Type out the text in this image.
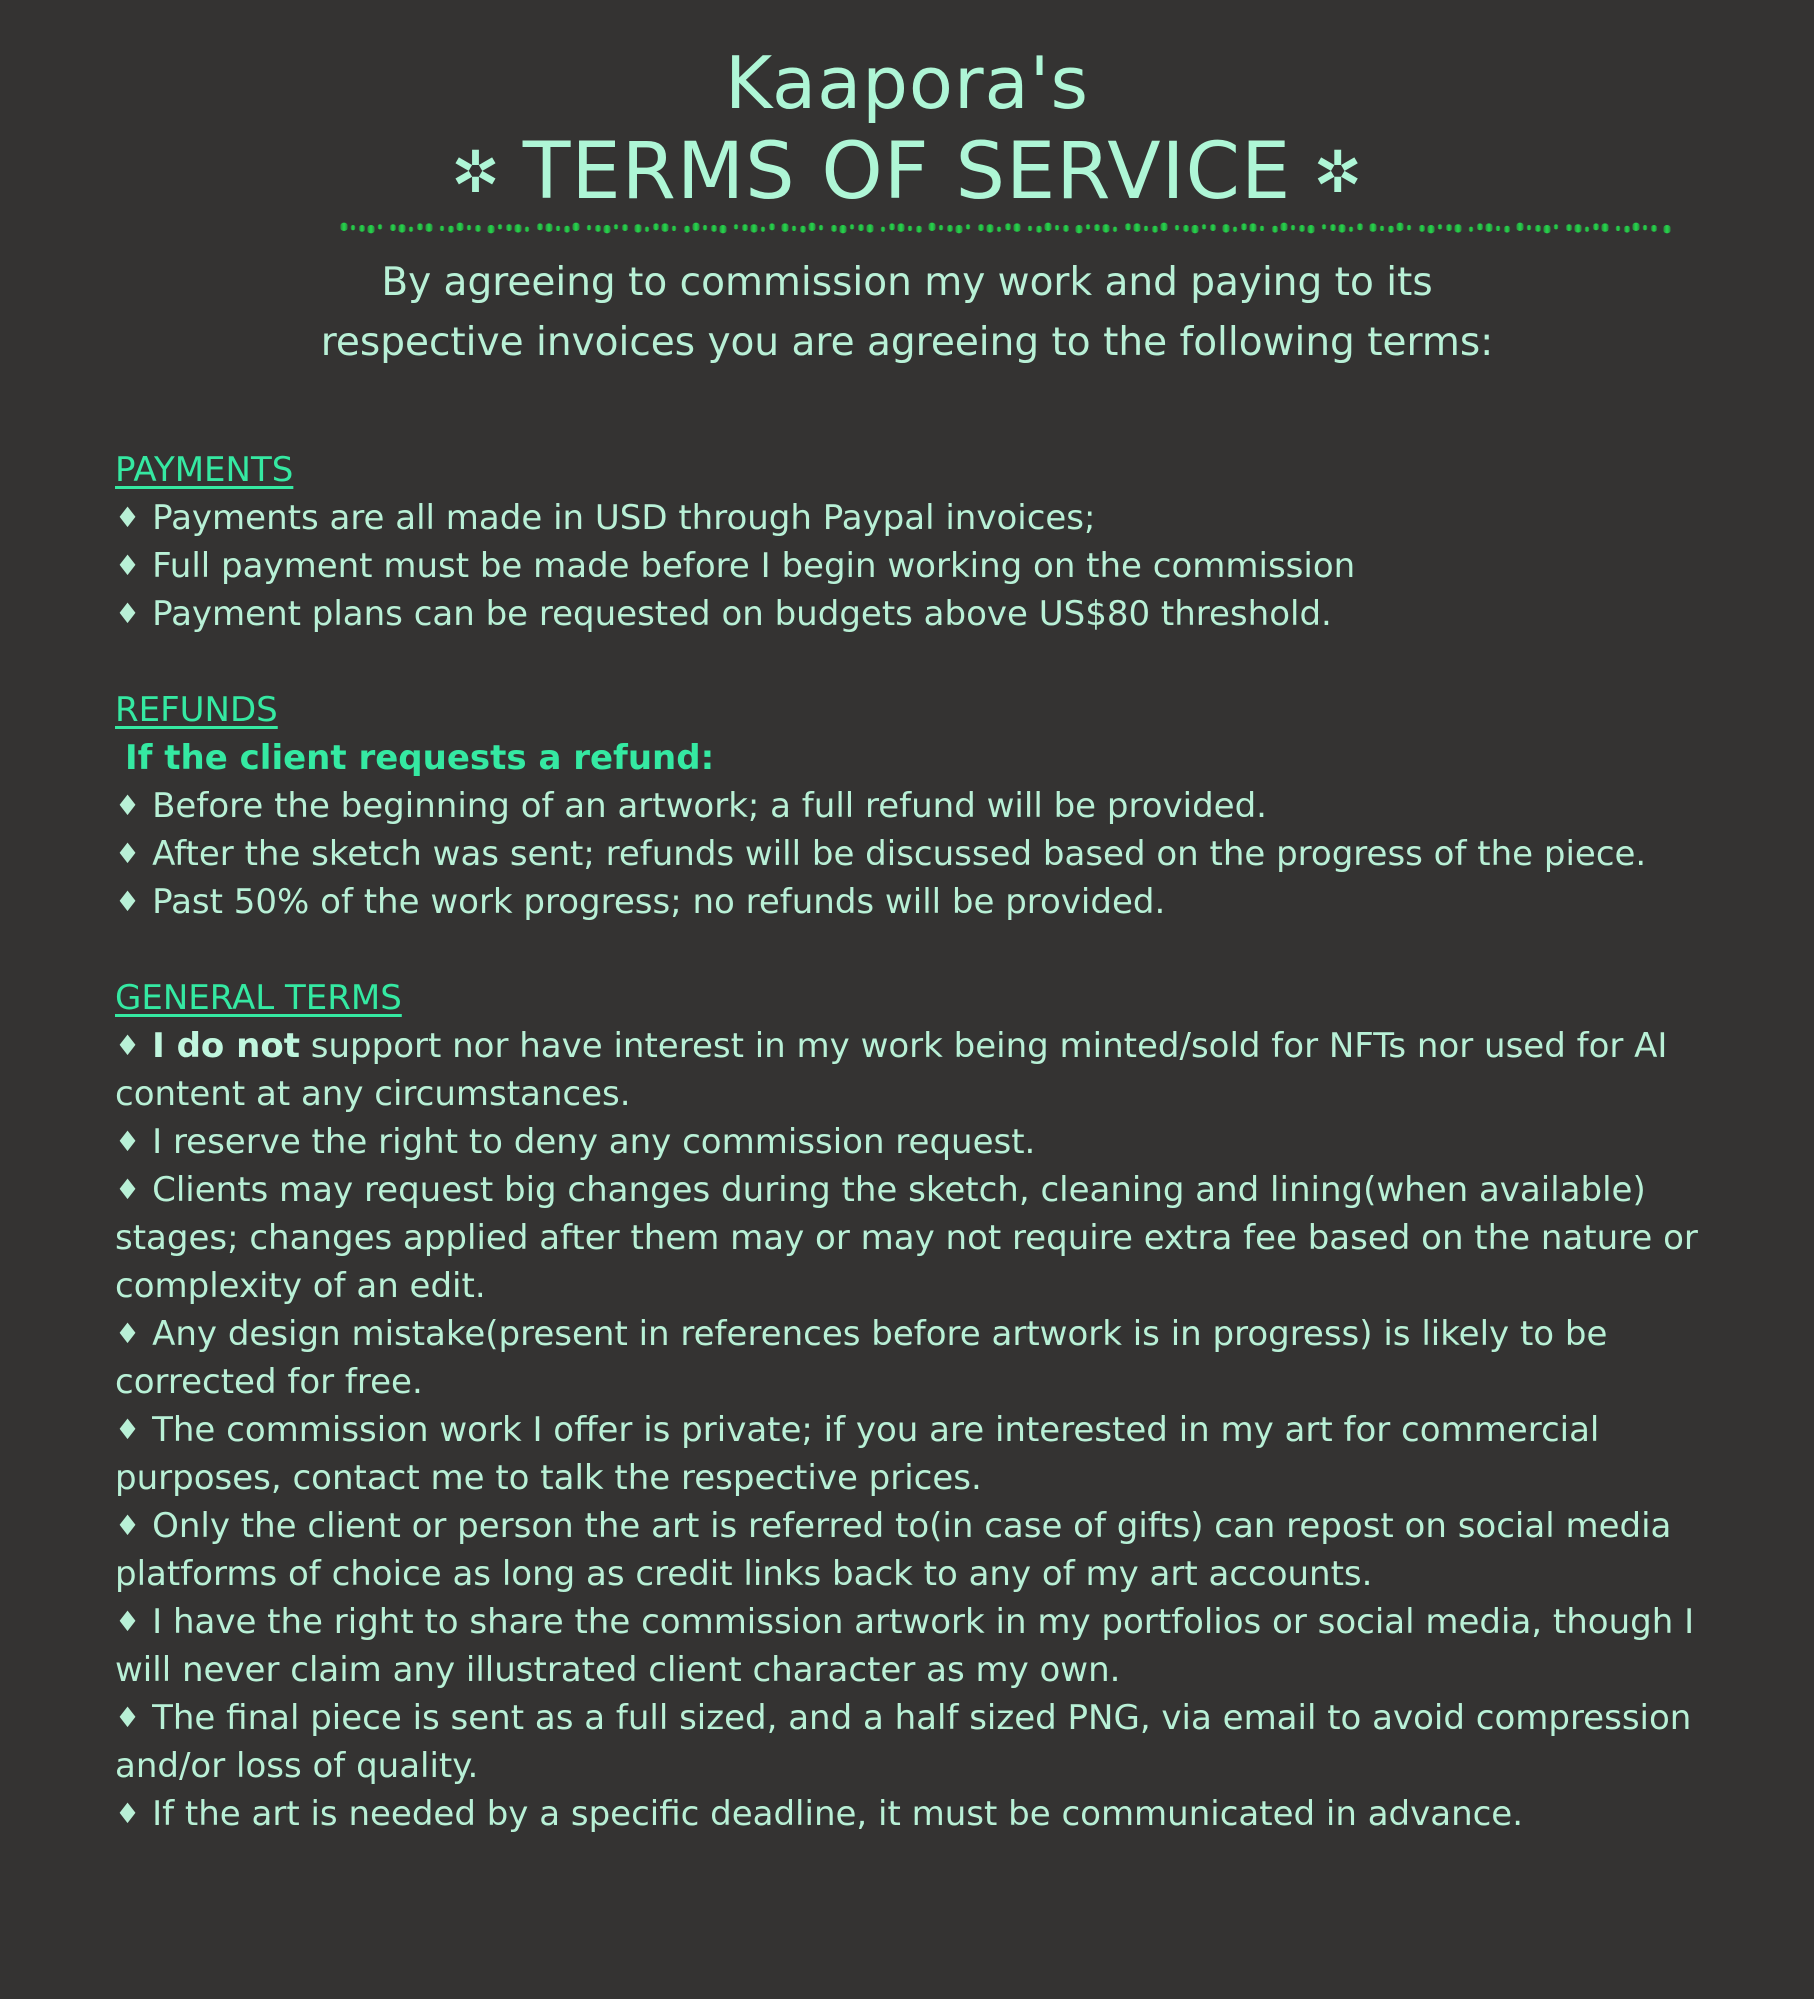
Kaapora's
✲ TERMS OF SERVICE ✲
By agreeing to commission my work and paying to its
respective invoices you are agreeing to the following terms:
PAYMENTS
♦ Payments are all made in USD through Paypal invoices;
♦ Full payment must be made before I begin working on the commission
♦ Payment plans can be requested on budgets above US$80 threshold.
REFUNDS
If the client requests a refund:
♦ Before the beginning of an artwork; a full refund will be provided.
♦ After the sketch was sent; refunds will be discussed based on the progress of the piece.
♦ Past 50% of the work progress; no refunds will be provided.
GENERAL TERMS
♦ I do not support nor have interest in my work being minted/sold for NFTs nor used for AI content at any circumstances.
♦ I reserve the right to deny any commission request.
♦ Clients may request big changes during the sketch, cleaning and lining(when available) stages; changes applied after them may or may not require extra fee based on the nature or complexity of an edit.
♦ Any design mistake(present in references before artwork is in progress) is likely to be corrected for free.
♦ The commission work I offer is private; if you are interested in my art for commercial purposes, contact me to talk the respective prices.
♦ Only the client or person the art is referred to(in case of gifts) can repost on social media platforms of choice as long as credit links back to any of my art accounts.
♦ I have the right to share the commission artwork in my portfolios or social media, though I will never claim any illustrated client character as my own.
♦ The final piece is sent as a full sized, and a half sized PNG, via email to avoid compression and/or loss of quality.
♦ If the art is needed by a specific deadline, it must be communicated in advance.
